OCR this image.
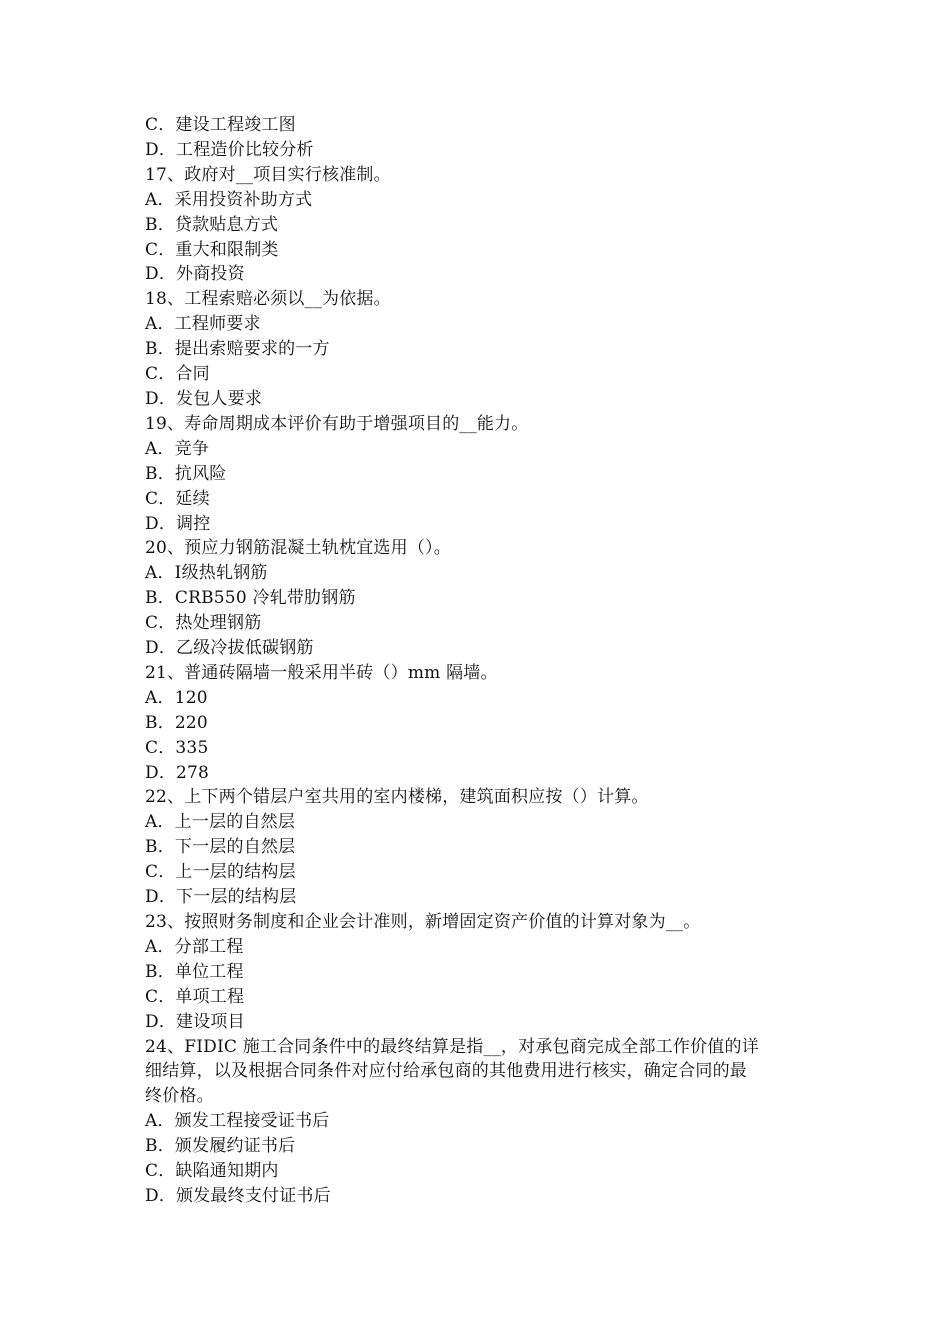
C．建设工程竣工图
D．工程造价比较分析
17、政府对__项目实行核准制。
A．采用投资补助方式
B．贷款贴息方式
C．重大和限制类
D．外商投资
18、工程索赔必须以__为依据。
A．工程师要求
B．提出索赔要求的一方
C．合同
D．发包人要求
19、寿命周期成本评价有助于增强项目的__能力。
A．竞争
B．抗风险
C．延续
D．调控
20、预应力钢筋混凝土轨枕宜选用（）。
A．Ⅰ级热轧钢筋
B．CRB550 冷轧带肋钢筋
C．热处理钢筋
D．乙级冷拔低碳钢筋
21、普通砖隔墙一般采用半砖（）mm 隔墙。
A．120
B．220
C．335
D．278
22、上下两个错层户室共用的室内楼梯，建筑面积应按（）计算。
A．上一层的自然层
B．下一层的自然层
C．上一层的结构层
D．下一层的结构层
23、按照财务制度和企业会计准则，新增固定资产价值的计算对象为__。
A．分部工程
B．单位工程
C．单项工程
D．建设项目
24、FIDIC 施工合同条件中的最终结算是指__，对承包商完成全部工作价值的详
细结算，以及根据合同条件对应付给承包商的其他费用进行核实，确定合同的最
终价格。
A．颁发工程接受证书后
B．颁发履约证书后
C．缺陷通知期内
D．颁发最终支付证书后
